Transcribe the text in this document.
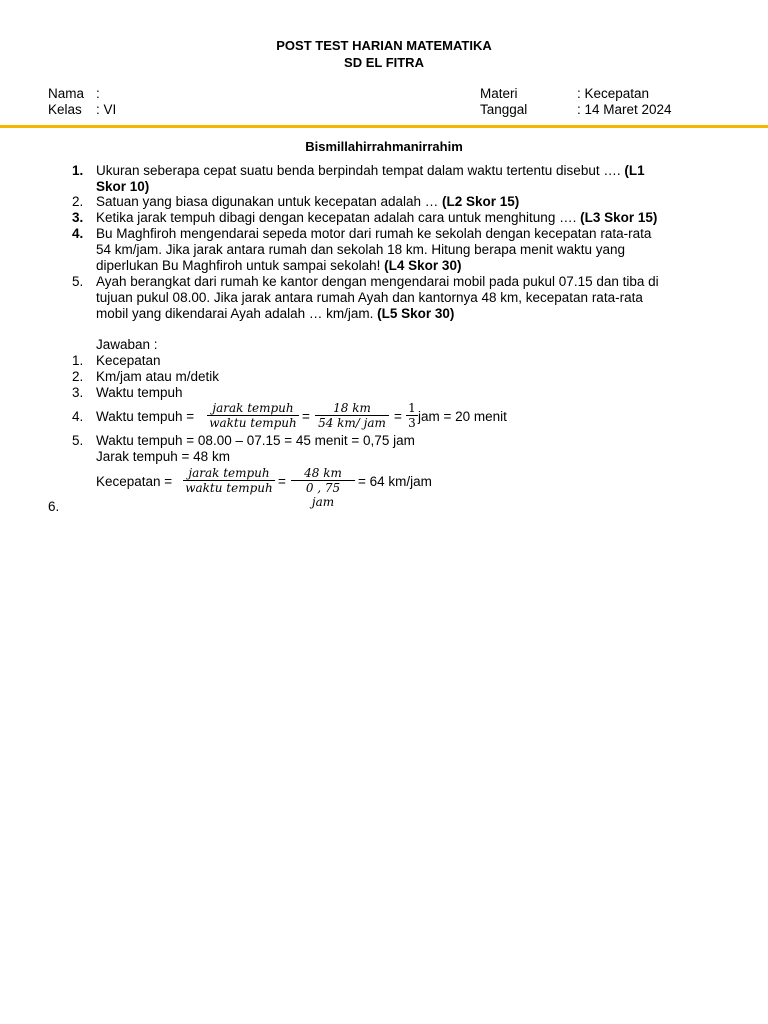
POST TEST HARIAN MATEMATIKA
SD EL FITRA
Nama :
Kelas : VI
Materi	: Kecepatan
Tanggal	: 14 Maret 2024
Bismillahirrahmanirrahim
1. Ukuran seberapa cepat suatu benda berpindah tempat dalam waktu tertentu disebut …. (L1
Skor 10)
2. Satuan yang biasa digunakan untuk kecepatan adalah … (L2 Skor 15)
3. Ketika jarak tempuh dibagi dengan kecepatan adalah cara untuk menghitung …. (L3 Skor 15)
4. Bu Maghfiroh mengendarai sepeda motor dari rumah ke sekolah dengan kecepatan rata-rata
54 km/jam. Jika jarak antara rumah dan sekolah 18 km. Hitung berapa menit waktu yang
diperlukan Bu Maghfiroh untuk sampai sekolah! (L4 Skor 30)
5. Ayah berangkat dari rumah ke kantor dengan mengendarai mobil pada pukul 07.15 dan tiba di
tujuan pukul 08.00. Jika jarak antara rumah Ayah dan kantornya 48 km, kecepatan rata-rata
mobil yang dikendarai Ayah adalah … km/jam. (L5 Skor 30)
Jawaban :
1. Kecepatan
2. Km/jam atau m/detik
3. Waktu tempuh
4. Waktu tempuh =
jarak tempuh
waktu tempuh =
18 km
54 km/ jam = $\frac{1}{3}$ jam = 20 menit
5. Waktu tempuh = 08.00 – 07.15 = 45 menit = 0,75 jam
Jarak tempuh = 48 km
Kecepatan =
jarak tempuh
waktu tempuh =
48 km
0 , 75 jam
= 64 km/jam
6.
